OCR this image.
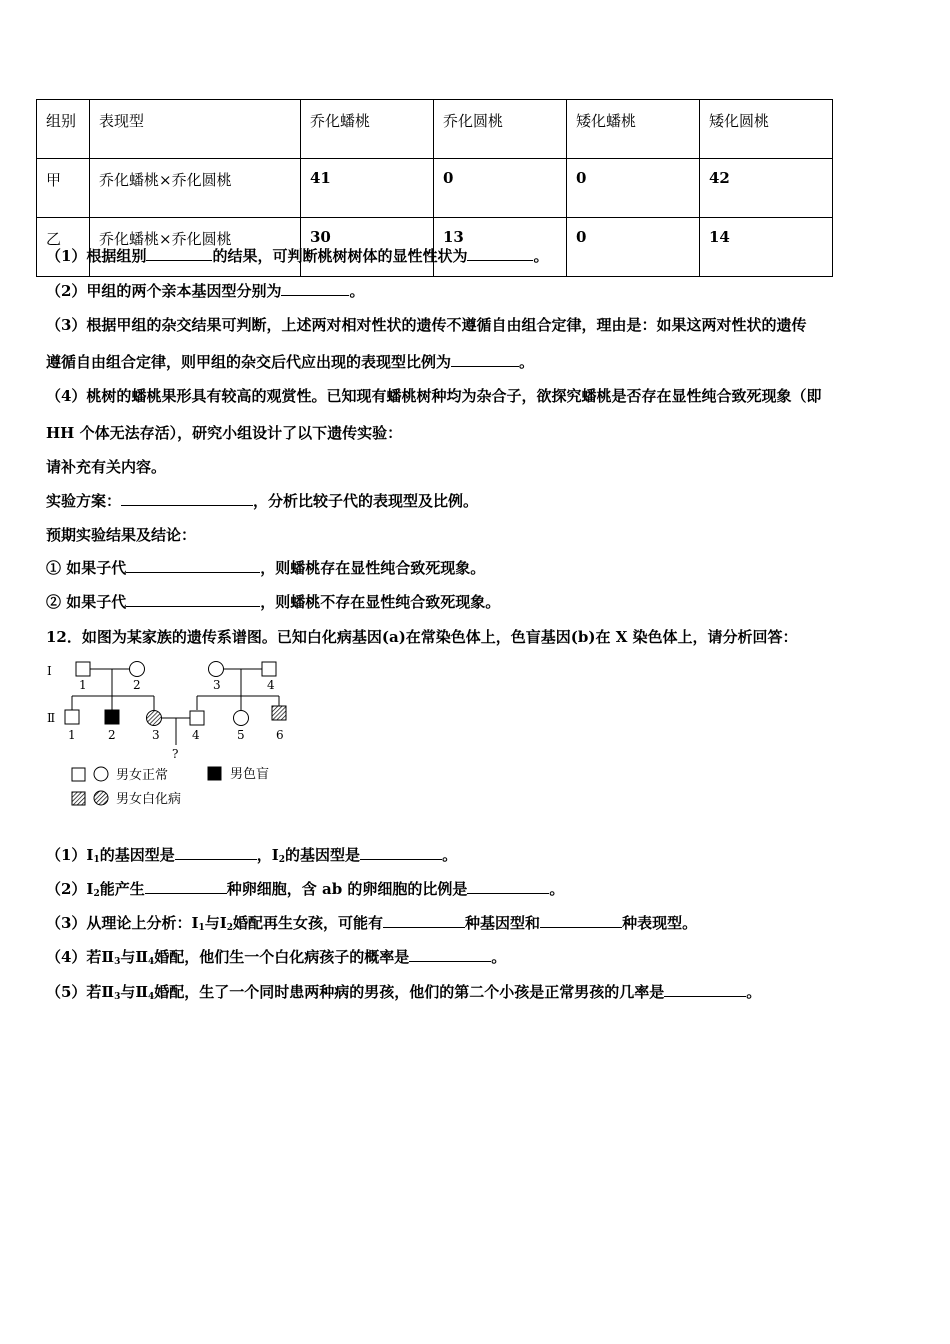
组别	表现型	乔化蟠桃	乔化圆桃	矮化蟠桃	矮化圆桃
甲	乔化蟠桃×乔化圆桃	41	0	0	42
乙	乔化蟠桃×乔化圆桃	30	13	0	14
（1）根据组别	的结果，可判断桃树树体的显性性状为	。
（2）甲组的两个亲本基因型分别为	。
（3）根据甲组的杂交结果可判断，上述两对相对性状的遗传不遵循自由组合定律，理由是：如果这两对性状的遗传
遵循自由组合定律，则甲组的杂交后代应出现的表现型比例为	。
（4）桃树的蟠桃果形具有较高的观赏性。已知现有蟠桃树种均为杂合子，欲探究蟠桃是否存在显性纯合致死现象（即
HH 个体无法存活），研究小组设计了以下遗传实验：
请补充有关内容。
实验方案：	，分析比较子代的表现型及比例。
预期实验结果及结论：
① 如果子代	，则蟠桃存在显性纯合致死现象。
② 如果子代	，则蟠桃不存在显性纯合致死现象。
12．如图为某家族的遗传系谱图。已知白化病基因(a)在常染色体上，色盲基因(b)在 X 染色体上，请分析回答：
Ⅰ
Ⅱ
1	2	3	4
1	2	3	4	5	6
?
男女正常	男色盲
男女白化病
$(1)Ⅰ_1$的基因型是	，$Ⅰ_2$的基因型是	。
$(2)Ⅰ_2$能产生	种卵细胞，含 ab 的卵细胞的比例是	。
（3）从理论上分析：$Ⅰ_1$与$Ⅰ_2$婚配再生女孩，可能有	种基因型和	种表现型。
（4）若$Ⅱ_3$与$Ⅱ_4$婚配，他们生一个白化病孩子的概率是	。
（5）若$Ⅱ_3$与$Ⅱ_4$婚配，生了一个同时患两种病的男孩，他们的第二个小孩是正常男孩的几率是	。
